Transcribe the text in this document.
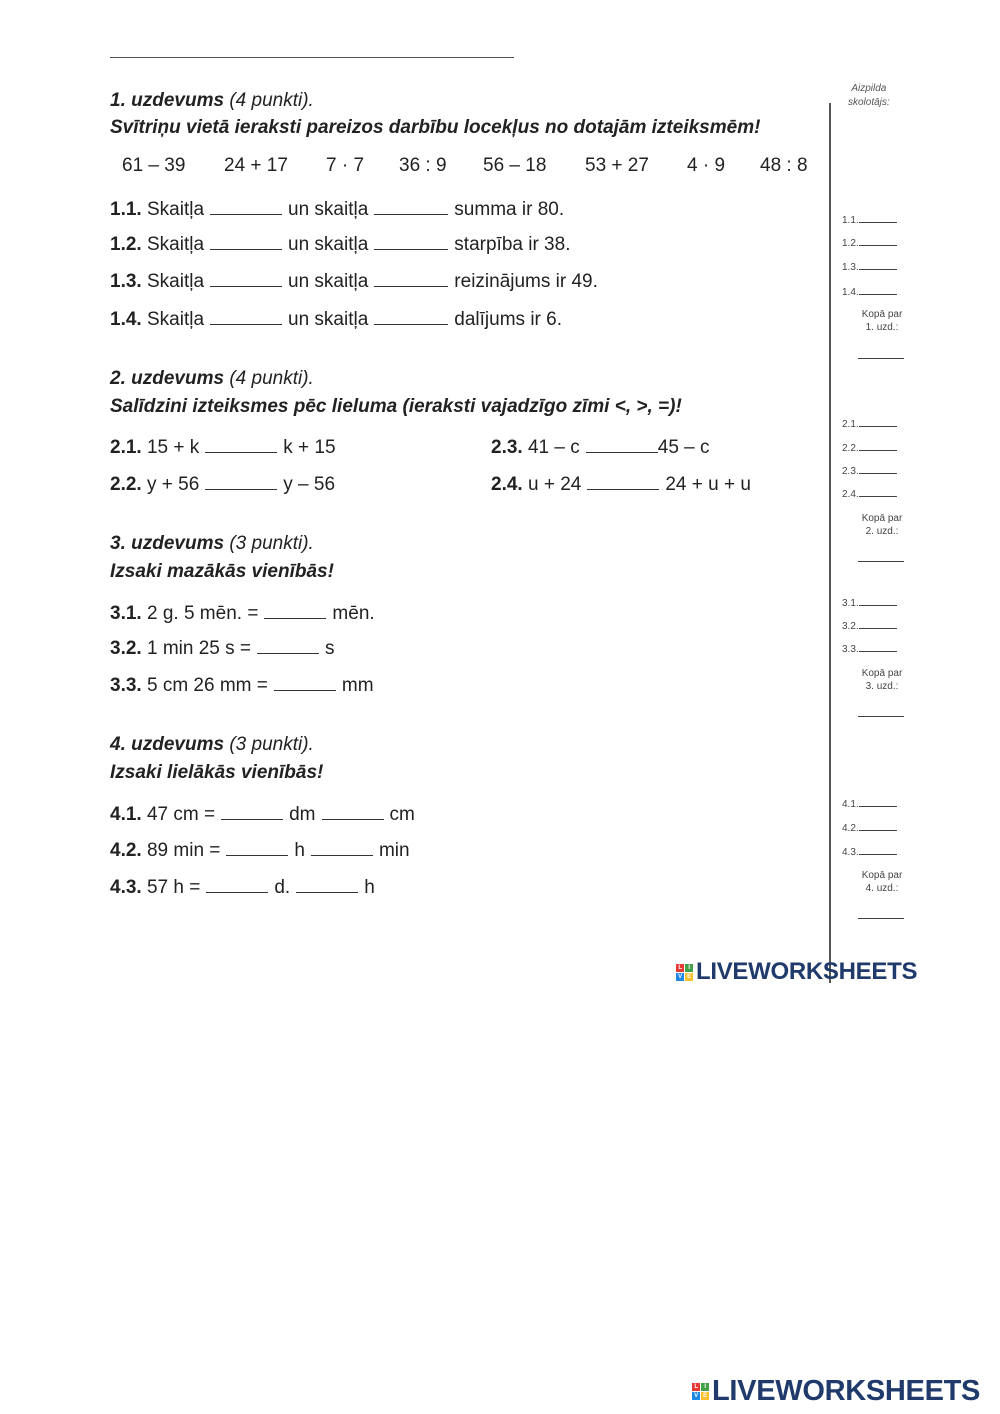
Aizpilda
skolotājs:
1. uzdevums (4 punkti).
Svītriņu vietā ieraksti pareizos darbību locekļus no dotajām izteiksmēm!
61 – 39 24 + 17 7 · 7 36 : 9 56 – 18 53 + 27 4 · 9 48 : 8
1.1. Skaitļa	un skaitļa	summa ir 80.
1.2. Skaitļa	un skaitļa	starpība ir 38.
1.3. Skaitļa	un skaitļa	reizinājums ir 49.
1.4. Skaitļa	un skaitļa	dalījums ir 6.
1.1.
1.2.
1.3.
1.4.
Kopā par
1. uzd.:
2. uzdevums (4 punkti).
Salīdzini izteiksmes pēc lieluma (ieraksti vajadzīgo zīmi <, >, =)!
2.1. 15 + k	k + 15
2.2. y + 56	y – 56
2.3. 41 – c	45 – c
2.4. u + 24	24 + u + u
2.1.
2.2.
2.3.
2.4.
Kopā par
2. uzd.:
3. uzdevums (3 punkti).
Izsaki mazākās vienībās!
3.1. 2 g. 5 mēn. =	mēn.
3.2. 1 min 25 s =	s
3.3. 5 cm 26 mm =	mm
3.1.
3.2.
3.3.
Kopā par
3. uzd.:
4. uzdevums (3 punkti).
Izsaki lielākās vienībās!
4.1. 47 cm =	dm	cm
4.2. 89 min =	h	min
4.3. 57 h =	d.	h
4.1.
4.2.
4.3.
Kopā par
4. uzd.:
L	I
V E LIVEWORKSHEETS
L	I
V E LIVEWORKSHEETS
